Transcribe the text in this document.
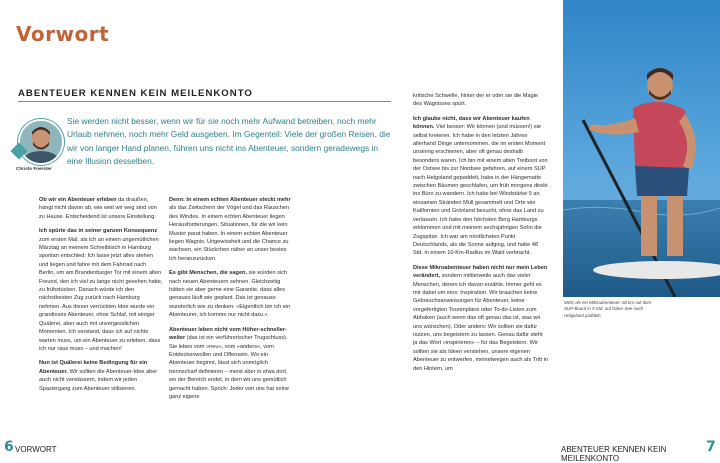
Vorwort
ABENTEUER KENNEN KEIN MEILENKONTO
Christo Foerster
Sie werden nicht besser, wenn wir für sie noch mehr Aufwand betreiben, noch mehr Urlaub nehmen, noch mehr Geld ausgeben. Im Gegenteil: Viele der großen Reisen, die wir von langer Hand planen, führen uns nicht ins Abenteuer, sondern geradewegs in eine Illusion desselben.

Ob wir ein Abenteuer erleben da draußen, hängt nicht davon ab, wie weit wir weg sind von zu Hause. Entscheidend ist unsere Einstellung.

Ich spürte das in seiner ganzen Konsequenz zum ersten Mal, als ich an einem ungemütlichen Märztag an meinem Schreibtisch in Hamburg spontan entschied: Ich lasse jetzt alles stehen und liegen und fahre mit dem Fahrrad nach Berlin, um am Brandenburger Tor mit einem alten Freund, den ich viel zu lange nicht gesehen hatte, zu frühstücken. Danach würde ich den nächstbesten Zug zurück nach Hamburg nehmen. Aus dieser verrückten Idee wurde ein grandioses Abenteuer, ohne Schlaf, mit einiger Quälerei, aber auch mit unvergesslichen Momenten. Ich verstand, dass ich auf nichts warten muss, um ein Abenteuer zu erleben, dass ich nur raus muss – und machen!

Nun ist Quälerei keine Bedingung für ein Abenteuer. Wir sollten die Abenteuer-Idee aber auch nicht verwässern, indem wir jeden Spaziergang zum Abenteuer stilisieren.

Denn: In einem echten Abenteuer steckt mehr als das Zwitschern der Vögel und das Rauschen des Windes. In einem echten Abenteuer liegen Herausforderungen, Situationen, für die wir kein Muster parat haben. In einem echten Abenteuer liegen Wagnis, Ungewissheit und die Chance zu wachsen, ein Stückchen näher an unser bestes Ich heranzurücken.

Es gibt Menschen, die sagen, sie würden sich nach neuen Abenteuern sehnen. Gleichzeitig hätten sie aber gerne eine Garantie, dass alles genauso läuft wie geplant. Das ist genauso wunderlich wie zu denken: »Eigentlich bin ich ein Abenteurer, ich komme nur nicht dazu.«

Abenteuer leben nicht vom Höher-schneller-weiter (das ist ein verführerischer Trugschluss). Sie leben vom »neu«, vom »anders«, vom Entdeckenwollen und Offensein. Wo ein Abenteuer beginnt, lässt sich unmöglich trennscharf definieren – meist aber in etwa dort, wo der Bereich endet, in dem wir uns gemütlich gemacht haben. Sprich: Jeder von uns hat seine ganz eigene

6 VORWORT

kritische Schwelle, hinter der er oder sie die Magie des Wagnisses spürt.

Ich glaube nicht, dass wir Abenteuer kaufen können. Viel besser: Wir können (und müssen!) sie selbst kreieren. Ich habe in den letzten Jahren allerhand Dinge unternommen, die im ersten Moment unsinnig erschienen, aber oft genau deshalb besonders waren. Ich bin mit einem alten Tretboot von der Ostsee bis zur Nordsee gefahren, auf einem SUP nach Helgoland gepaddelt, habe in der Hängematte zwischen Bäumen geschlafen, um früh morgens direkt ins Büro zu wandern. Ich habe bei Windstärke 9 an einsamen Stränden Müll gesammelt und Orte wie Kalifornien und Grönland besucht, ohne das Land zu verlassen. Ich habe den höchsten Berg Hamburgs erklommen und mit meinem sechsjährigen Sohn die Zugspitze. Ich war am nördlichsten Punkt Deutschlands, als die Sonne aufging, und habe 48 Std. in einem 10-Km-Radius im Wald verbracht.

Diese Mikroabenteuer haben nicht nur mein Leben verändert, sondern mittlerweile auch das vieler Menschen, denen ich davon erzähle. Immer geht es mir dabei um eins: Inspiration. Wir brauchen keine Gebrauchsanweisungen für Abenteuer, keine vorgefertigten Tourenpläne oder To-do-Listen zum Abhaken (auch wenn das oft genau das ist, was wir uns wünschen). Oder anders: Wir sollten sie dafür nutzen, uns begeistern zu lassen. Genau dafür steht ja das Wort »inspirieren« – für das Begeistern. Wir sollten sie als Ideen verstehen, unsere eigenen Abenteuer zu entwerfen, meinetwegen auch als Tritt in den Hintern, um

Mehr als ein Mikroabenteuer: 60 km auf dem SUP-Board in 9 Std. auf hoher See nach Helgoland paddeln
ABENTEUER KENNEN KEIN MEILENKONTO
7
